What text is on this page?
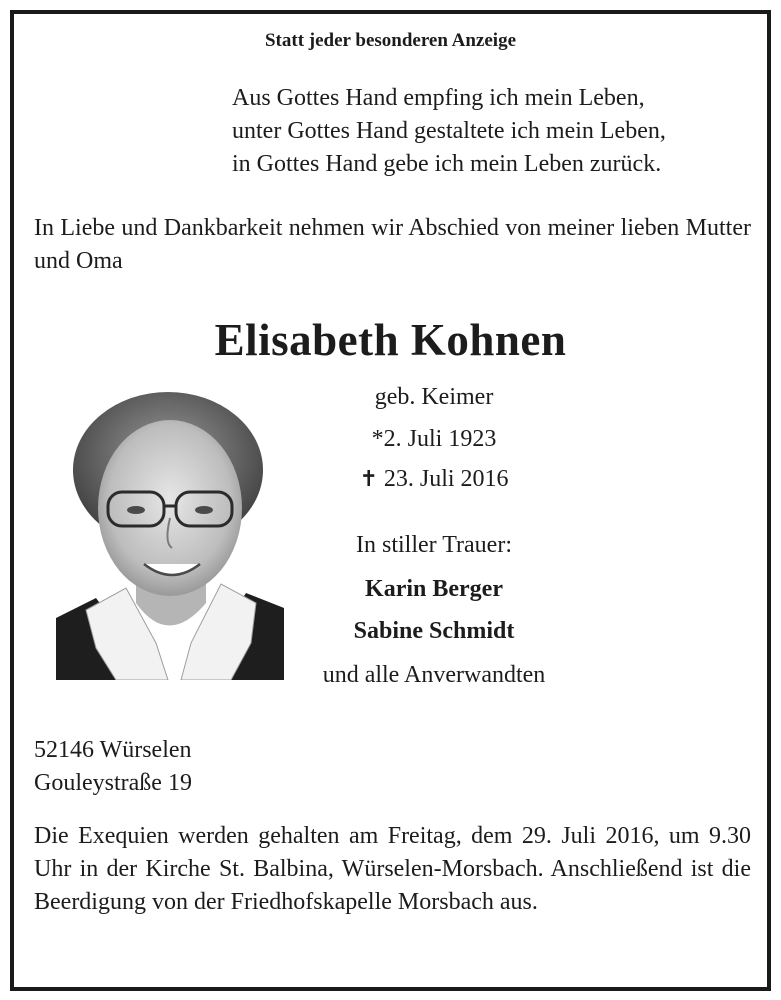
Statt jeder besonderen Anzeige
Aus Gottes Hand empfing ich mein Leben,
unter Gottes Hand gestaltete ich mein Leben,
in Gottes Hand gebe ich mein Leben zurück.
In Liebe und Dankbarkeit nehmen wir Abschied von meiner lieben Mutter und Oma
Elisabeth Kohnen
geb. Keimer
*2. Juli 1923
✝ 23. Juli 2016
In stiller Trauer:
Karin Berger
Sabine Schmidt
und alle Anverwandten
52146 Würselen
Gouleystraße 19
Die Exequien werden gehalten am Freitag, dem 29. Juli 2016, um 9.30 Uhr in der Kirche St. Balbina, Würselen-Morsbach. Anschließend ist die Beerdigung von der Friedhofskapelle Morsbach aus.
